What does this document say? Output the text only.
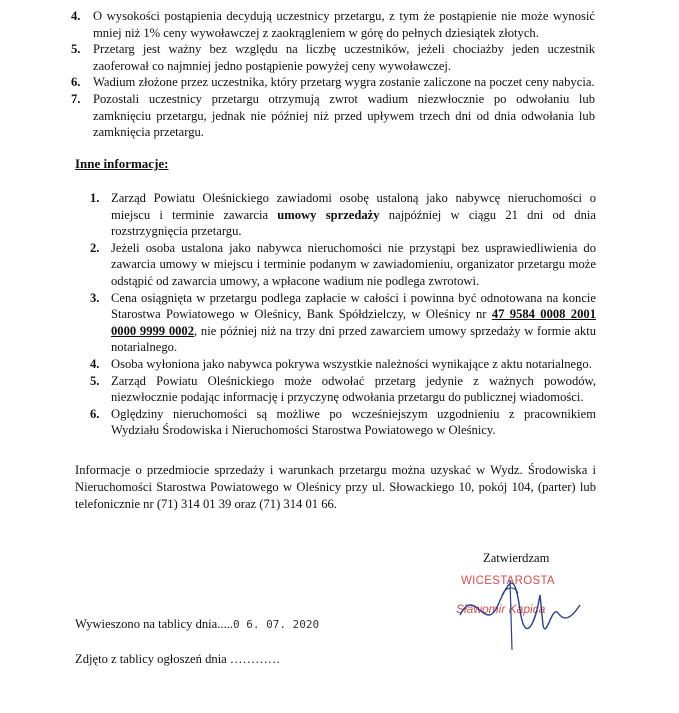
4. O wysokości postąpienia decydują uczestnicy przetargu, z tym że postąpienie nie może wynosić mniej niż 1% ceny wywoławczej z zaokrągleniem w górę do pełnych dziesiątek złotych.
5. Przetarg jest ważny bez względu na liczbę uczestników, jeżeli chociażby jeden uczestnik zaoferował co najmniej jedno postąpienie powyżej ceny wywoławczej.
6. Wadium złożone przez uczestnika, który przetarg wygra zostanie zaliczone na poczet ceny nabycia.
7. Pozostali uczestnicy przetargu otrzymują zwrot wadium niezwłocznie po odwołaniu lub zamknięciu przetargu, jednak nie później niż przed upływem trzech dni od dnia odwołania lub zamknięcia przetargu.
Inne informacje:
1. Zarząd Powiatu Oleśnickiego zawiadomi osobę ustaloną jako nabywcę nieruchomości o miejscu i terminie zawarcia umowy sprzedaży najpóźniej w ciągu 21 dni od dnia rozstrzygnięcia przetargu.
2. Jeżeli osoba ustalona jako nabywca nieruchomości nie przystąpi bez usprawiedliwienia do zawarcia umowy w miejscu i terminie podanym w zawiadomieniu, organizator przetargu może odstąpić od zawarcia umowy, a wpłacone wadium nie podlega zwrotowi.
3. Cena osiągnięta w przetargu podlega zapłacie w całości i powinna być odnotowana na koncie Starostwa Powiatowego w Oleśnicy, Bank Spółdzielczy, w Oleśnicy nr 47 9584 0008 2001 0000 9999 0002, nie później niż na trzy dni przed zawarciem umowy sprzedaży w formie aktu notarialnego.
4. Osoba wyłoniona jako nabywca pokrywa wszystkie należności wynikające z aktu notarialnego.
5. Zarząd Powiatu Oleśnickiego może odwołać przetarg jedynie z ważnych powodów, niezwłocznie podając informację i przyczynę odwołania przetargu do publicznej wiadomości.
6. Oględziny nieruchomości są możliwe po wcześniejszym uzgodnieniu z pracownikiem Wydziału Środowiska i Nieruchomości Starostwa Powiatowego w Oleśnicy.
Informacje o przedmiocie sprzedaży i warunkach przetargu można uzyskać w Wydz. Środowiska i Nieruchomości Starostwa Powiatowego w Oleśnicy przy ul. Słowackiego 10, pokój 104, (parter) lub telefonicznie nr (71) 314 01 39 oraz (71) 314 01 66.
Zatwierdzam
WICESTAROSTA
Sławomir Kapica
Wywieszono na tablicy dnia.....0 6. 07. 2020
Zdjęto z tablicy ogłoszeń dnia …………
